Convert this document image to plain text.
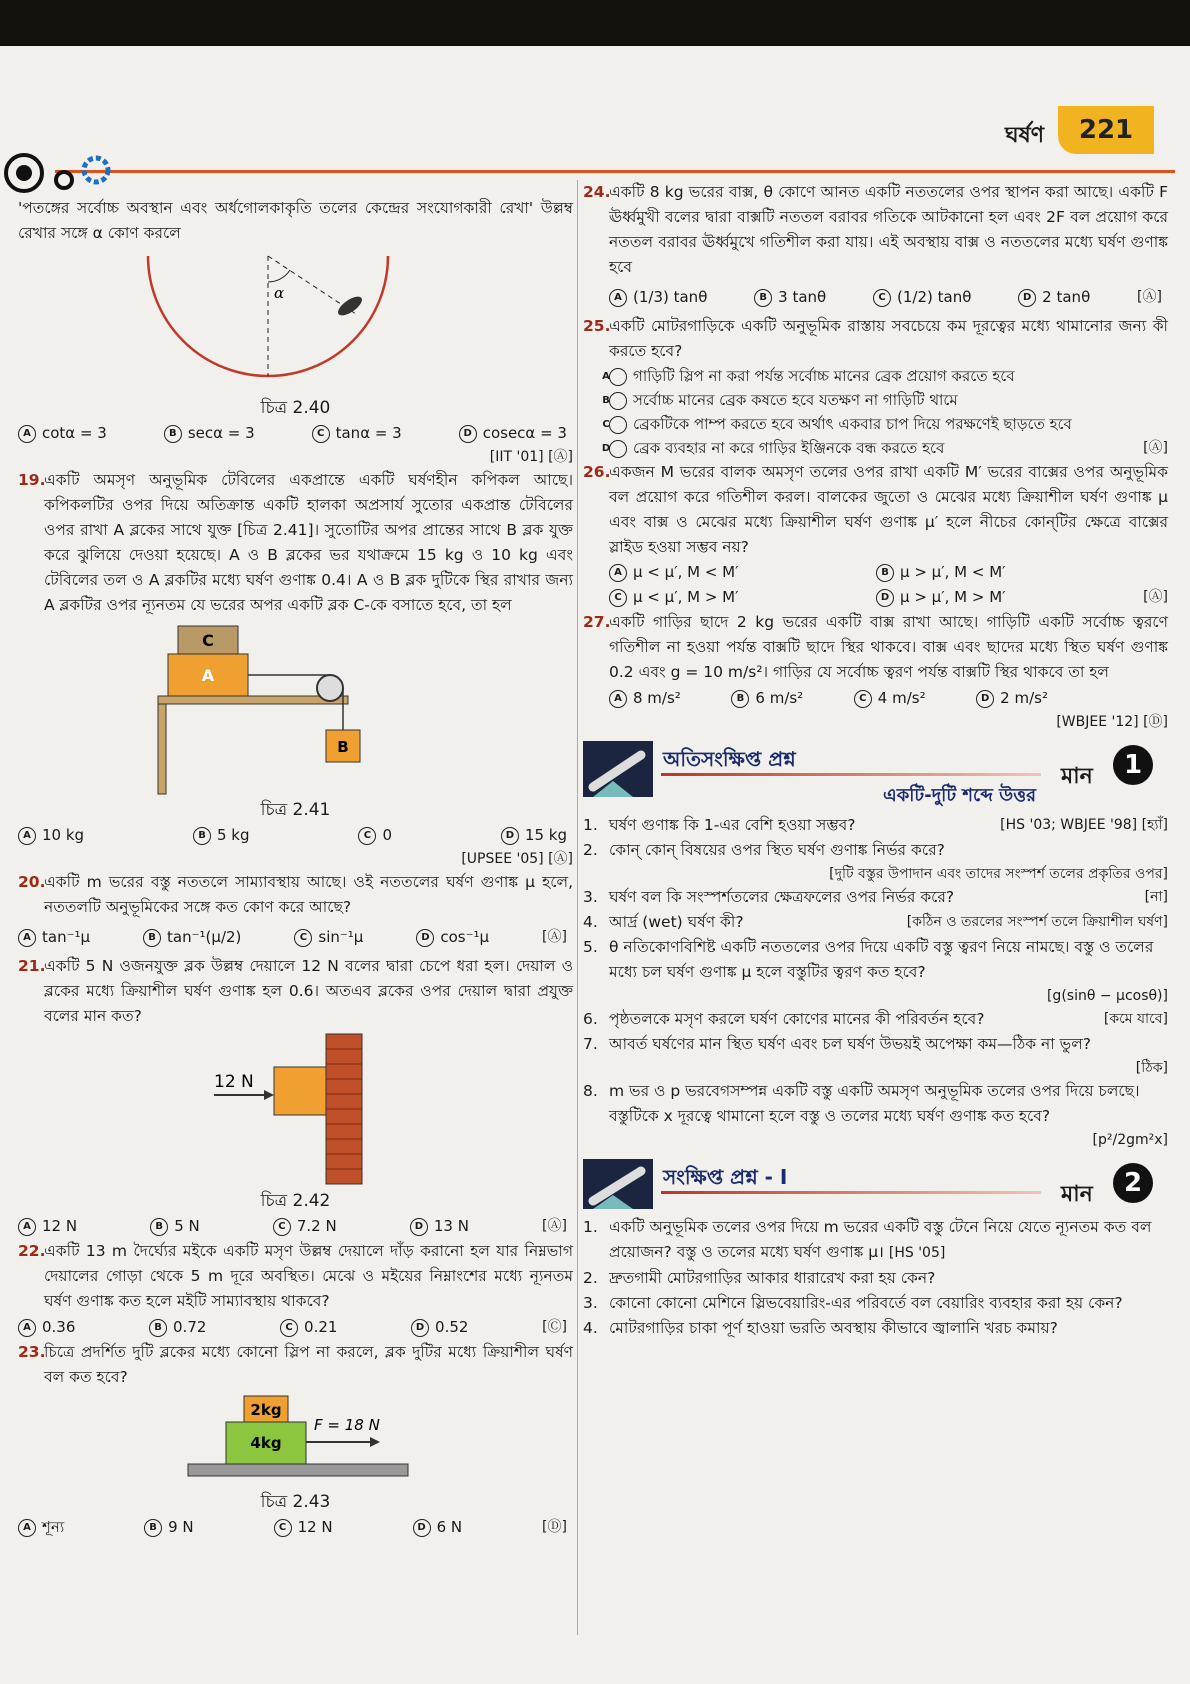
ঘর্ষণ	221

'পতঙ্গের সর্বোচ্চ অবস্থান এবং অর্ধগোলকাকৃতি তলের কেন্দ্রের সংযোগকারী রেখা' উল্লম্ব রেখার সঙ্গে α কোণ করলে

α

চিত্র 2.40

A cotα = 3	B secα = 3	C tanα = 3	D cosecα = 3

[IIT '01] [Ⓐ]

19.
একটি অমসৃণ অনুভূমিক টেবিলের একপ্রান্তে একটি ঘর্ষণহীন কপিকল আছে। কপিকলটির ওপর দিয়ে অতিক্রান্ত একটি হালকা অপ্রসার্য সুতোর একপ্রান্ত টেবিলের ওপর রাখা A ব্লকের সাথে যুক্ত [চিত্র 2.41]। সুতোটির অপর প্রান্তের সাথে B ব্লক যুক্ত করে ঝুলিয়ে দেওয়া হয়েছে। A ও B ব্লকের ভর যথাক্রমে 15 kg ও 10 kg এবং টেবিলের তল ও A ব্লকটির মধ্যে ঘর্ষণ গুণাঙ্ক 0.4। A ও B ব্লক দুটিকে স্থির রাখার জন্য A ব্লকটির ওপর ন্যূনতম যে ভরের অপর একটি ব্লক C-কে বসাতে হবে, তা হল
C
A
B

চিত্র 2.41

A 10 kg	B 5 kg	C 0	D 15 kg

[UPSEE '05] [Ⓐ]

20.
একটি m ভরের বস্তু নততলে সাম্যাবস্থায় আছে। ওই নততলের ঘর্ষণ গুণাঙ্ক μ হলে, নততলটি অনুভূমিকের সঙ্গে কত কোণ করে আছে?
A tan⁻¹μ	B tan⁻¹(μ/2)	C sin⁻¹μ	D cos⁻¹μ	[Ⓐ]
21.
একটি 5 N ওজনযুক্ত ব্লক উল্লম্ব দেয়ালে 12 N বলের দ্বারা চেপে ধরা হল। দেয়াল ও ব্লকের মধ্যে ক্রিয়াশীল ঘর্ষণ গুণাঙ্ক হল 0.6। অতএব ব্লকের ওপর দেয়াল দ্বারা প্রযুক্ত বলের মান কত?
12 N

চিত্র 2.42

A 12 N	B 5 N	C 7.2 N	D 13 N	[Ⓐ]
22.
একটি 13 m দৈর্ঘ্যের মইকে একটি মসৃণ উল্লম্ব দেয়ালে দাঁড় করানো হল যার নিম্নভাগ দেয়ালের গোড়া থেকে 5 m দূরে অবস্থিত। মেঝে ও মইয়ের নিম্নাংশের মধ্যে ন্যূনতম ঘর্ষণ গুণাঙ্ক কত হলে মইটি সাম্যাবস্থায় থাকবে?
A 0.36	B 0.72	C 0.21	D 0.52	[Ⓒ]
23.
চিত্রে প্রদর্শিত দুটি ব্লকের মধ্যে কোনো স্লিপ না করলে, ব্লক দুটির মধ্যে ক্রিয়াশীল ঘর্ষণ বল কত হবে?
2kg
4kg
F = 18 N

চিত্র 2.43

A শূন্য	B 9 N	C 12 N	D 6 N	[Ⓓ]
24.
একটি 8 kg ভরের বাক্স, θ কোণে আনত একটি নততলের ওপর স্থাপন করা আছে। একটি F ঊর্ধ্বমুখী বলের দ্বারা বাক্সটি নততল বরাবর গতিকে আটকানো হল এবং 2F বল প্রয়োগ করে নততল বরাবর ঊর্ধ্বমুখে গতিশীল করা যায়। এই অবস্থায় বাক্স ও নততলের মধ্যে ঘর্ষণ গুণাঙ্ক হবে
A (1/3) tanθ	B 3 tanθ	C (1/2) tanθ	D 2 tanθ	[Ⓐ]
25.
একটি মোটরগাড়িকে একটি অনুভূমিক রাস্তায় সবচেয়ে কম দূরত্বের মধ্যে থামানোর জন্য কী করতে হবে?

A গাড়িটি স্লিপ না করা পর্যন্ত সর্বোচ্চ মানের ব্রেক প্রয়োগ করতে হবে

B সর্বোচ্চ মানের ব্রেক কষতে হবে যতক্ষণ না গাড়িটি থামে

C ব্রেকটিকে পাম্প করতে হবে অর্থাৎ একবার চাপ দিয়ে পরক্ষণেই ছাড়তে হবে

D ব্রেক ব্যবহার না করে গাড়ির ইঞ্জিনকে বন্ধ করতে হবে	[Ⓐ]

26.
একজন M ভরের বালক অমসৃণ তলের ওপর রাখা একটি M′ ভরের বাক্সের ওপর অনুভূমিক বল প্রয়োগ করে গতিশীল করল। বালকের জুতো ও মেঝের মধ্যে ক্রিয়াশীল ঘর্ষণ গুণাঙ্ক μ এবং বাক্স ও মেঝের মধ্যে ক্রিয়াশীল ঘর্ষণ গুণাঙ্ক μ′ হলে নীচের কোন্‌টির ক্ষেত্রে বাক্সের স্লাইড হওয়া সম্ভব নয়?
A μ < μ′, M < M′	B μ > μ′, M < M′
C μ < μ′, M > M′	D μ > μ′, M > M′	[Ⓐ]
27.
একটি গাড়ির ছাদে 2 kg ভরের একটি বাক্স রাখা আছে। গাড়িটি একটি সর্বোচ্চ ত্বরণে গতিশীল না হওয়া পর্যন্ত বাক্সটি ছাদে স্থির থাকবে। বাক্স এবং ছাদের মধ্যে স্থিত ঘর্ষণ গুণাঙ্ক 0.2 এবং g = 10 m/s²। গাড়ির যে সর্বোচ্চ ত্বরণ পর্যন্ত বাক্সটি স্থির থাকবে তা হল
A 8 m/s²	B 6 m/s²	C 4 m/s²	D 2 m/s²

[WBJEE '12] [Ⓓ]

অতিসংক্ষিপ্ত প্রশ্ন
একটি-দুটি শব্দে উত্তর
মান	1
1. ঘর্ষণ গুণাঙ্ক কি 1-এর বেশি হওয়া সম্ভব?	[HS '03; WBJEE '98] [হ্যাঁ]
2. কোন্ কোন্ বিষয়ের ওপর স্থিত ঘর্ষণ গুণাঙ্ক নির্ভর করে?
[দুটি বস্তুর উপাদান এবং তাদের সংস্পর্শ তলের প্রকৃতির ওপর]
3. ঘর্ষণ বল কি সংস্পর্শতলের ক্ষেত্রফলের ওপর নির্ভর করে?	[না]
4. আর্দ্র (wet) ঘর্ষণ কী?	[কঠিন ও তরলের সংস্পর্শ তলে ক্রিয়াশীল ঘর্ষণ]
5. θ নতিকোণবিশিষ্ট একটি নততলের ওপর দিয়ে একটি বস্তু ত্বরণ নিয়ে নামছে। বস্তু ও তলের মধ্যে চল ঘর্ষণ গুণাঙ্ক μ হলে বস্তুটির ত্বরণ কত হবে?
[g(sinθ − μcosθ)]
6. পৃষ্ঠতলকে মসৃণ করলে ঘর্ষণ কোণের মানের কী পরিবর্তন হবে?	[কমে যাবে]
7. আবর্ত ঘর্ষণের মান স্থিত ঘর্ষণ এবং চল ঘর্ষণ উভয়ই অপেক্ষা কম—ঠিক না ভুল?
[ঠিক]
8. m ভর ও p ভরবেগসম্পন্ন একটি বস্তু একটি অমসৃণ অনুভূমিক তলের ওপর দিয়ে চলছে। বস্তুটিকে x দূরত্বে থামানো হলে বস্তু ও তলের মধ্যে ঘর্ষণ গুণাঙ্ক কত হবে?
[p²/2gm²x]
সংক্ষিপ্ত প্রশ্ন - I
মান	2
1. একটি অনুভূমিক তলের ওপর দিয়ে m ভরের একটি বস্তু টেনে নিয়ে যেতে ন্যূনতম কত বল প্রয়োজন? বস্তু ও তলের মধ্যে ঘর্ষণ গুণাঙ্ক μ। [HS '05]
2. দ্রুতগামী মোটরগাড়ির আকার ধারারেখ করা হয় কেন?
3. কোনো কোনো মেশিনে স্লিভবেয়ারিং-এর পরিবর্তে বল বেয়ারিং ব্যবহার করা হয় কেন?
4. মোটরগাড়ির চাকা পূর্ণ হাওয়া ভরতি অবস্থায় কীভাবে জ্বালানি খরচ কমায়?
